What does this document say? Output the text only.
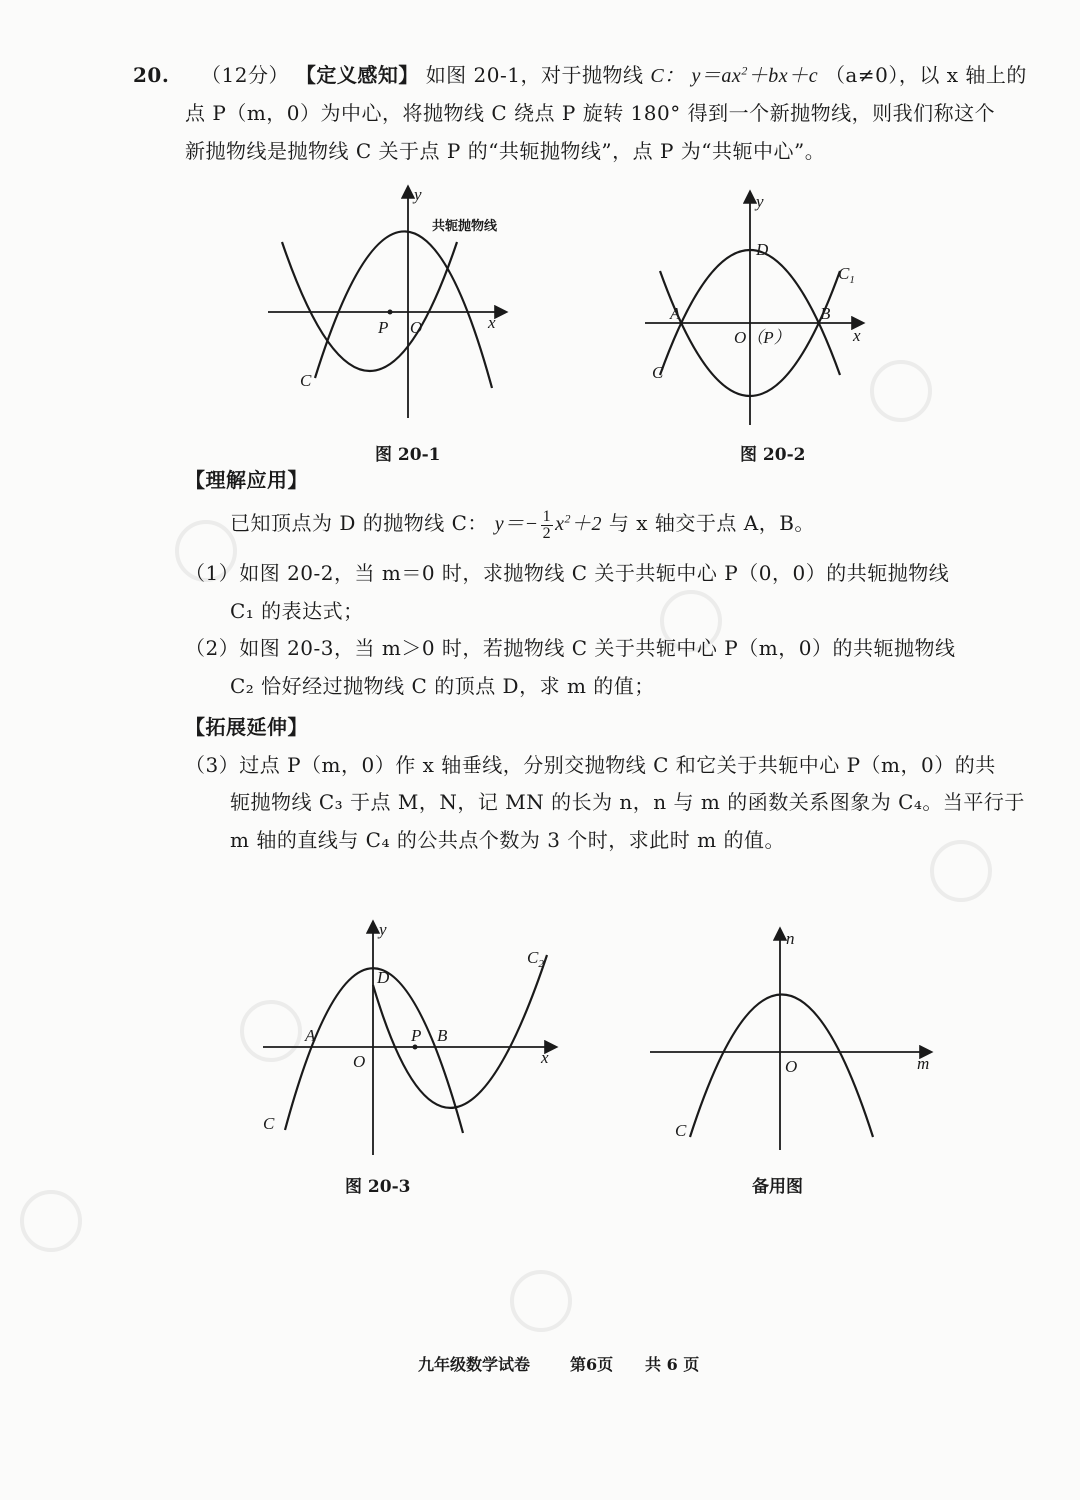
20. （12分） 【定义感知】 如图 20-1，对于抛物线 C： $y=ax^2+bx+c$ （a≠0），以 x 轴上的
点 P（m，0）为中心，将抛物线 C 绕点 P 旋转 180° 得到一个新抛物线，则我们称这个
新抛物线是抛物线 C 关于点 P 的“共轭抛物线”，点 P 为“共轭中心”。
共轭抛物线
C
P O	x
y
图 20-1
A	B
D
O（P）
C
$C_1$
x
y
图 20-2
【理解应用】
已知顶点为 D 的抛物线 C： $y=- \frac{1}{2} x^2+2$ 与 x 轴交于点 A，B。
（1）如图 20-2，当 m＝0 时，求抛物线 C 关于共轭中心 P（0，0）的共轭抛物线
C₁ 的表达式；
（2）如图 20-3，当 m＞0 时，若抛物线 C 关于共轭中心 P（m，0）的共轭抛物线
C₂ 恰好经过抛物线 C 的顶点 D，求 m 的值；
【拓展延伸】
（3）过点 P（m，0）作 x 轴垂线，分别交抛物线 C 和它关于共轭中心 P（m，0）的共
轭抛物线 C₃ 于点 M，N，记 MN 的长为 n，n 与 m 的函数关系图象为 C₄。当平行于
m 轴的直线与 C₄ 的公共点个数为 3 个时，求此时 m 的值。
A	B
D
P
O
C
$C_2$
x
y
图 20-3
n
m
O
C
备用图
九年级数学试卷 第6页 共 6 页
